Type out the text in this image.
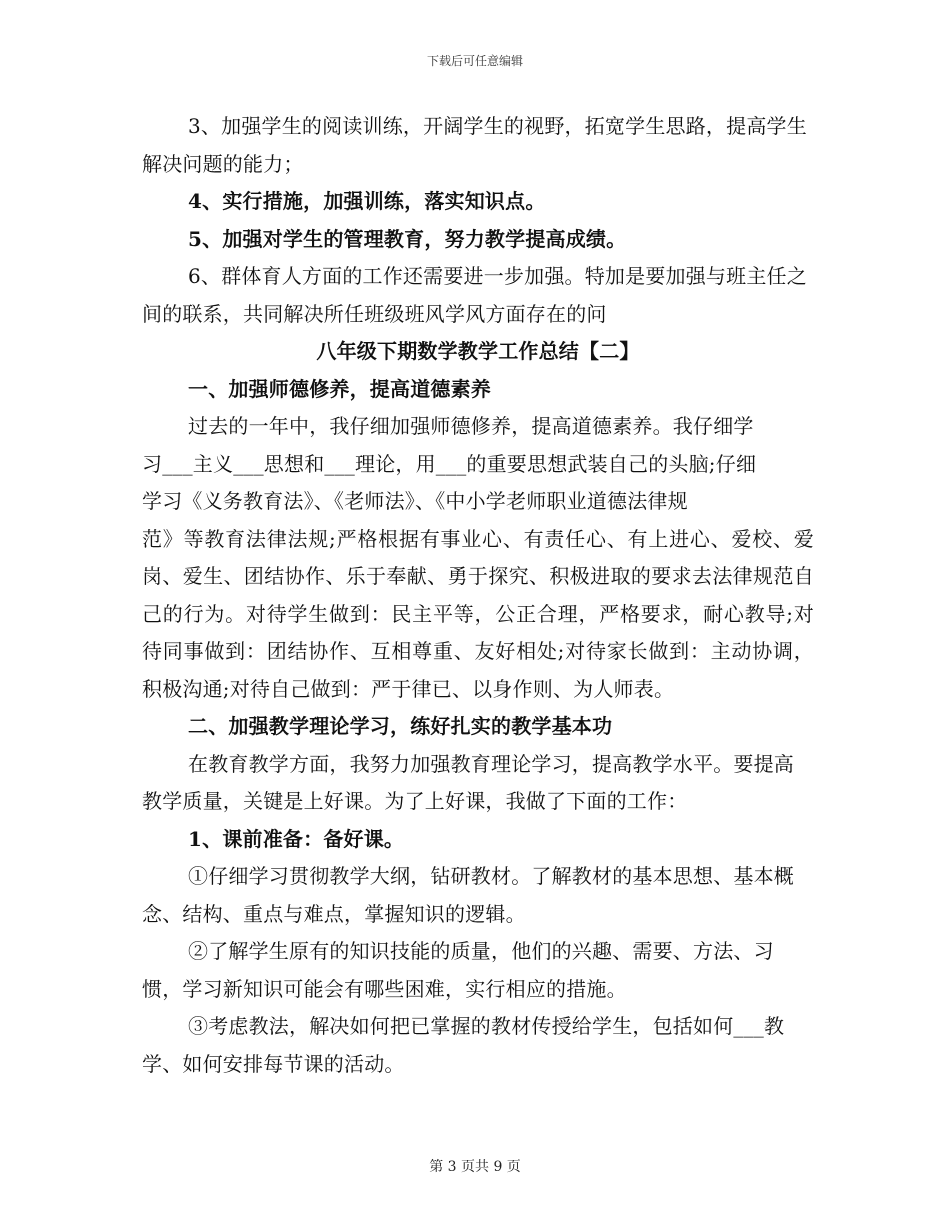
下载后可任意编辑

3、加强学生的阅读训练，开阔学生的视野，拓宽学生思路，提高学生解决问题的能力；

4、实行措施，加强训练，落实知识点。

5、加强对学生的管理教育，努力教学提高成绩。

6、群体育人方面的工作还需要进一步加强。特加是要加强与班主任之间的联系，共同解决所任班级班风学风方面存在的问

八年级下期数学教学工作总结【二】

一、加强师德修养，提高道德素养

过去的一年中，我仔细加强师德修养，提高道德素养。我仔细学

习___主义___思想和___理论，用___的重要思想武装自己的头脑;仔细

学习《义务教育法》、《老师法》、《中小学老师职业道德法律规

范》等教育法律法规;严格根据有事业心、有责任心、有上进心、爱校、爱岗、爱生、团结协作、乐于奉献、勇于探究、积极进取的要求去法律规范自己的行为。对待学生做到：民主平等，公正合理，严格要求，耐心教导;对待同事做到：团结协作、互相尊重、友好相处;对待家长做到：主动协调，积极沟通;对待自己做到：严于律已、以身作则、为人师表。

二、加强教学理论学习，练好扎实的教学基本功

在教育教学方面，我努力加强教育理论学习，提高教学水平。要提高教学质量，关键是上好课。为了上好课，我做了下面的工作：

1、课前准备：备好课。

①仔细学习贯彻教学大纲，钻研教材。了解教材的基本思想、基本概念、结构、重点与难点，掌握知识的逻辑。

②了解学生原有的知识技能的质量，他们的兴趣、需要、方法、习惯，学习新知识可能会有哪些困难，实行相应的措施。

③考虑教法，解决如何把已掌握的教材传授给学生，包括如何___教学、如何安排每节课的活动。

第 3 页共 9 页
